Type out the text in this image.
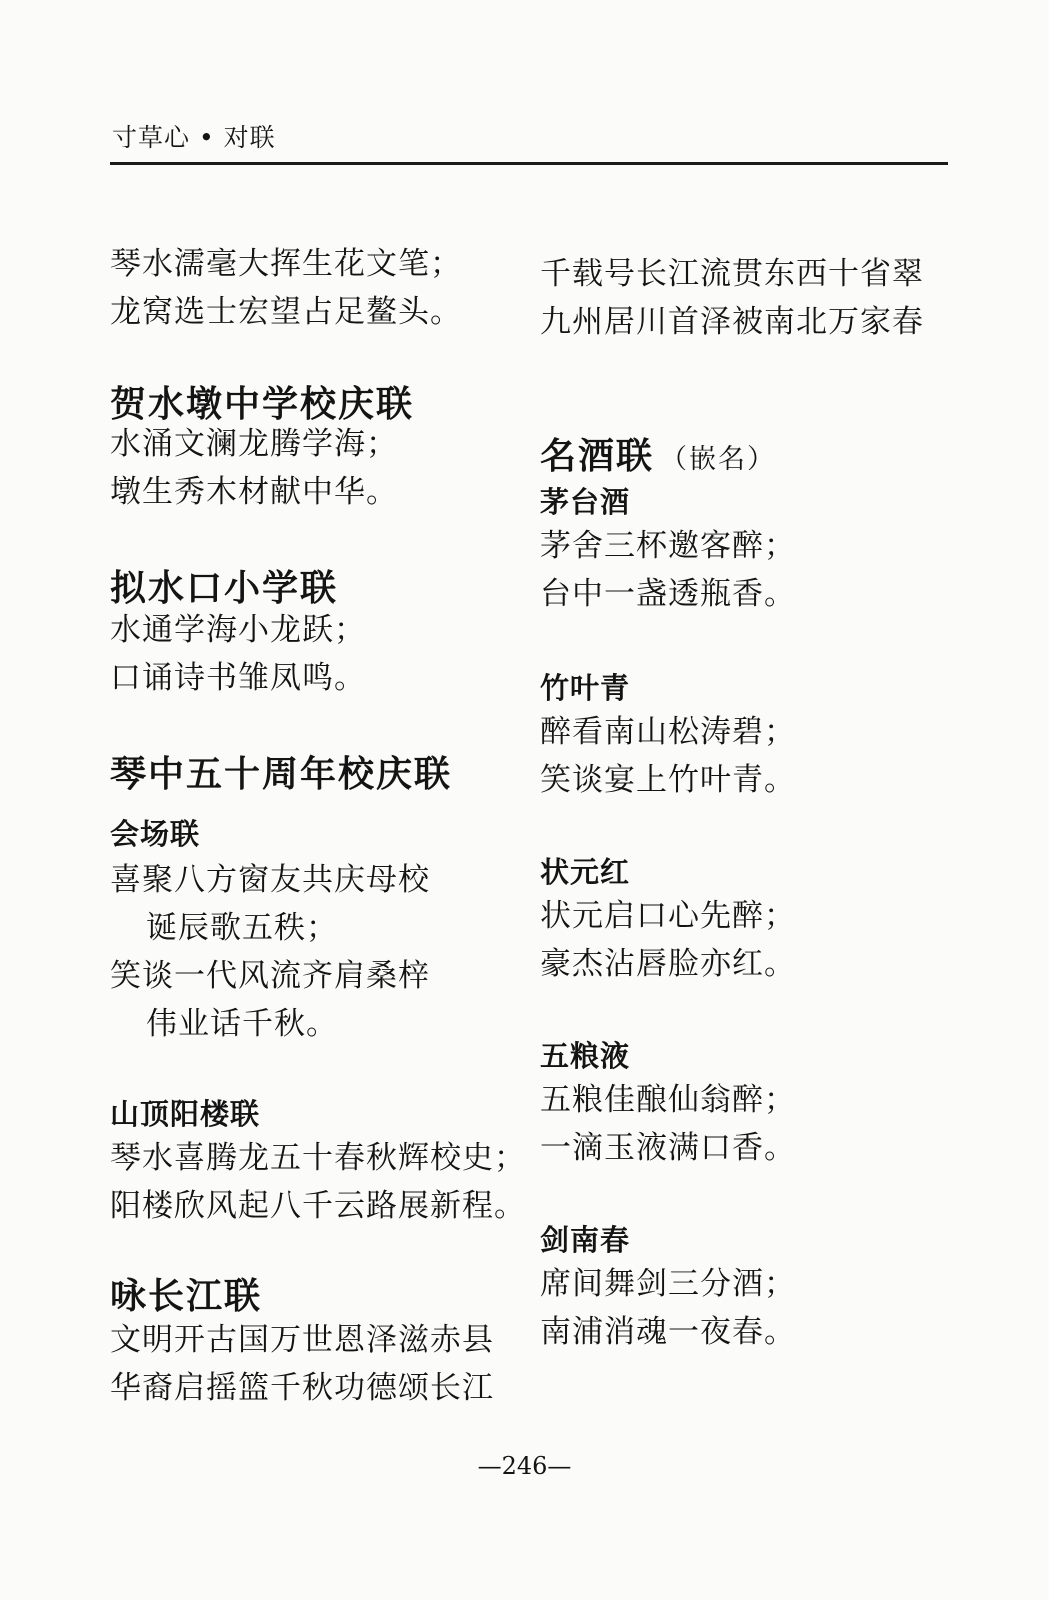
寸草心 • 对联
琴水濡毫大挥生花文笔；
龙窝选士宏望占足鳌头。
贺水墩中学校庆联
水涌文澜龙腾学海；
墩生秀木材献中华。
拟水口小学联
水通学海小龙跃；
口诵诗书雏凤鸣。
琴中五十周年校庆联
会场联
喜聚八方窗友共庆母校
诞辰歌五秩；
笑谈一代风流齐肩桑梓
伟业话千秋。
山顶阳楼联
琴水喜腾龙五十春秋辉校史；
阳楼欣风起八千云路展新程。
咏长江联
文明开古国万世恩泽滋赤县
华裔启摇篮千秋功德颂长江
千载号长江流贯东西十省翠
九州居川首泽被南北万家春
名酒联 （嵌名）
茅台酒
茅舍三杯邀客醉；
台中一盏透瓶香。
竹叶青
醉看南山松涛碧；
笑谈宴上竹叶青。
状元红
状元启口心先醉；
豪杰沾唇脸亦红。
五粮液
五粮佳酿仙翁醉；
一滴玉液满口香。
剑南春
席间舞剑三分酒；
南浦消魂一夜春。
—246—
